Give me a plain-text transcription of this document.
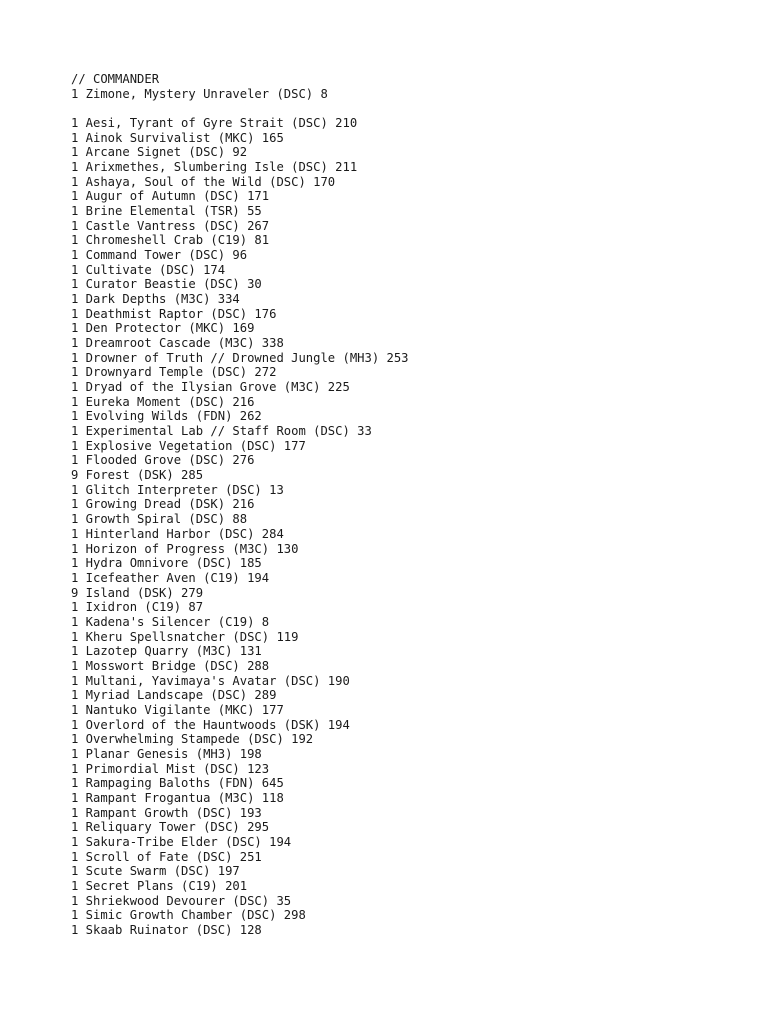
// COMMANDER
1 Zimone, Mystery Unraveler (DSC) 8
1 Aesi, Tyrant of Gyre Strait (DSC) 210
1 Ainok Survivalist (MKC) 165
1 Arcane Signet (DSC) 92
1 Arixmethes, Slumbering Isle (DSC) 211
1 Ashaya, Soul of the Wild (DSC) 170
1 Augur of Autumn (DSC) 171
1 Brine Elemental (TSR) 55
1 Castle Vantress (DSC) 267
1 Chromeshell Crab (C19) 81
1 Command Tower (DSC) 96
1 Cultivate (DSC) 174
1 Curator Beastie (DSC) 30
1 Dark Depths (M3C) 334
1 Deathmist Raptor (DSC) 176
1 Den Protector (MKC) 169
1 Dreamroot Cascade (M3C) 338
1 Drowner of Truth // Drowned Jungle (MH3) 253
1 Drownyard Temple (DSC) 272
1 Dryad of the Ilysian Grove (M3C) 225
1 Eureka Moment (DSC) 216
1 Evolving Wilds (FDN) 262
1 Experimental Lab // Staff Room (DSC) 33
1 Explosive Vegetation (DSC) 177
1 Flooded Grove (DSC) 276
9 Forest (DSK) 285
1 Glitch Interpreter (DSC) 13
1 Growing Dread (DSK) 216
1 Growth Spiral (DSC) 88
1 Hinterland Harbor (DSC) 284
1 Horizon of Progress (M3C) 130
1 Hydra Omnivore (DSC) 185
1 Icefeather Aven (C19) 194
9 Island (DSK) 279
1 Ixidron (C19) 87
1 Kadena's Silencer (C19) 8
1 Kheru Spellsnatcher (DSC) 119
1 Lazotep Quarry (M3C) 131
1 Mosswort Bridge (DSC) 288
1 Multani, Yavimaya's Avatar (DSC) 190
1 Myriad Landscape (DSC) 289
1 Nantuko Vigilante (MKC) 177
1 Overlord of the Hauntwoods (DSK) 194
1 Overwhelming Stampede (DSC) 192
1 Planar Genesis (MH3) 198
1 Primordial Mist (DSC) 123
1 Rampaging Baloths (FDN) 645
1 Rampant Frogantua (M3C) 118
1 Rampant Growth (DSC) 193
1 Reliquary Tower (DSC) 295
1 Sakura-Tribe Elder (DSC) 194
1 Scroll of Fate (DSC) 251
1 Scute Swarm (DSC) 197
1 Secret Plans (C19) 201
1 Shriekwood Devourer (DSC) 35
1 Simic Growth Chamber (DSC) 298
1 Skaab Ruinator (DSC) 128
